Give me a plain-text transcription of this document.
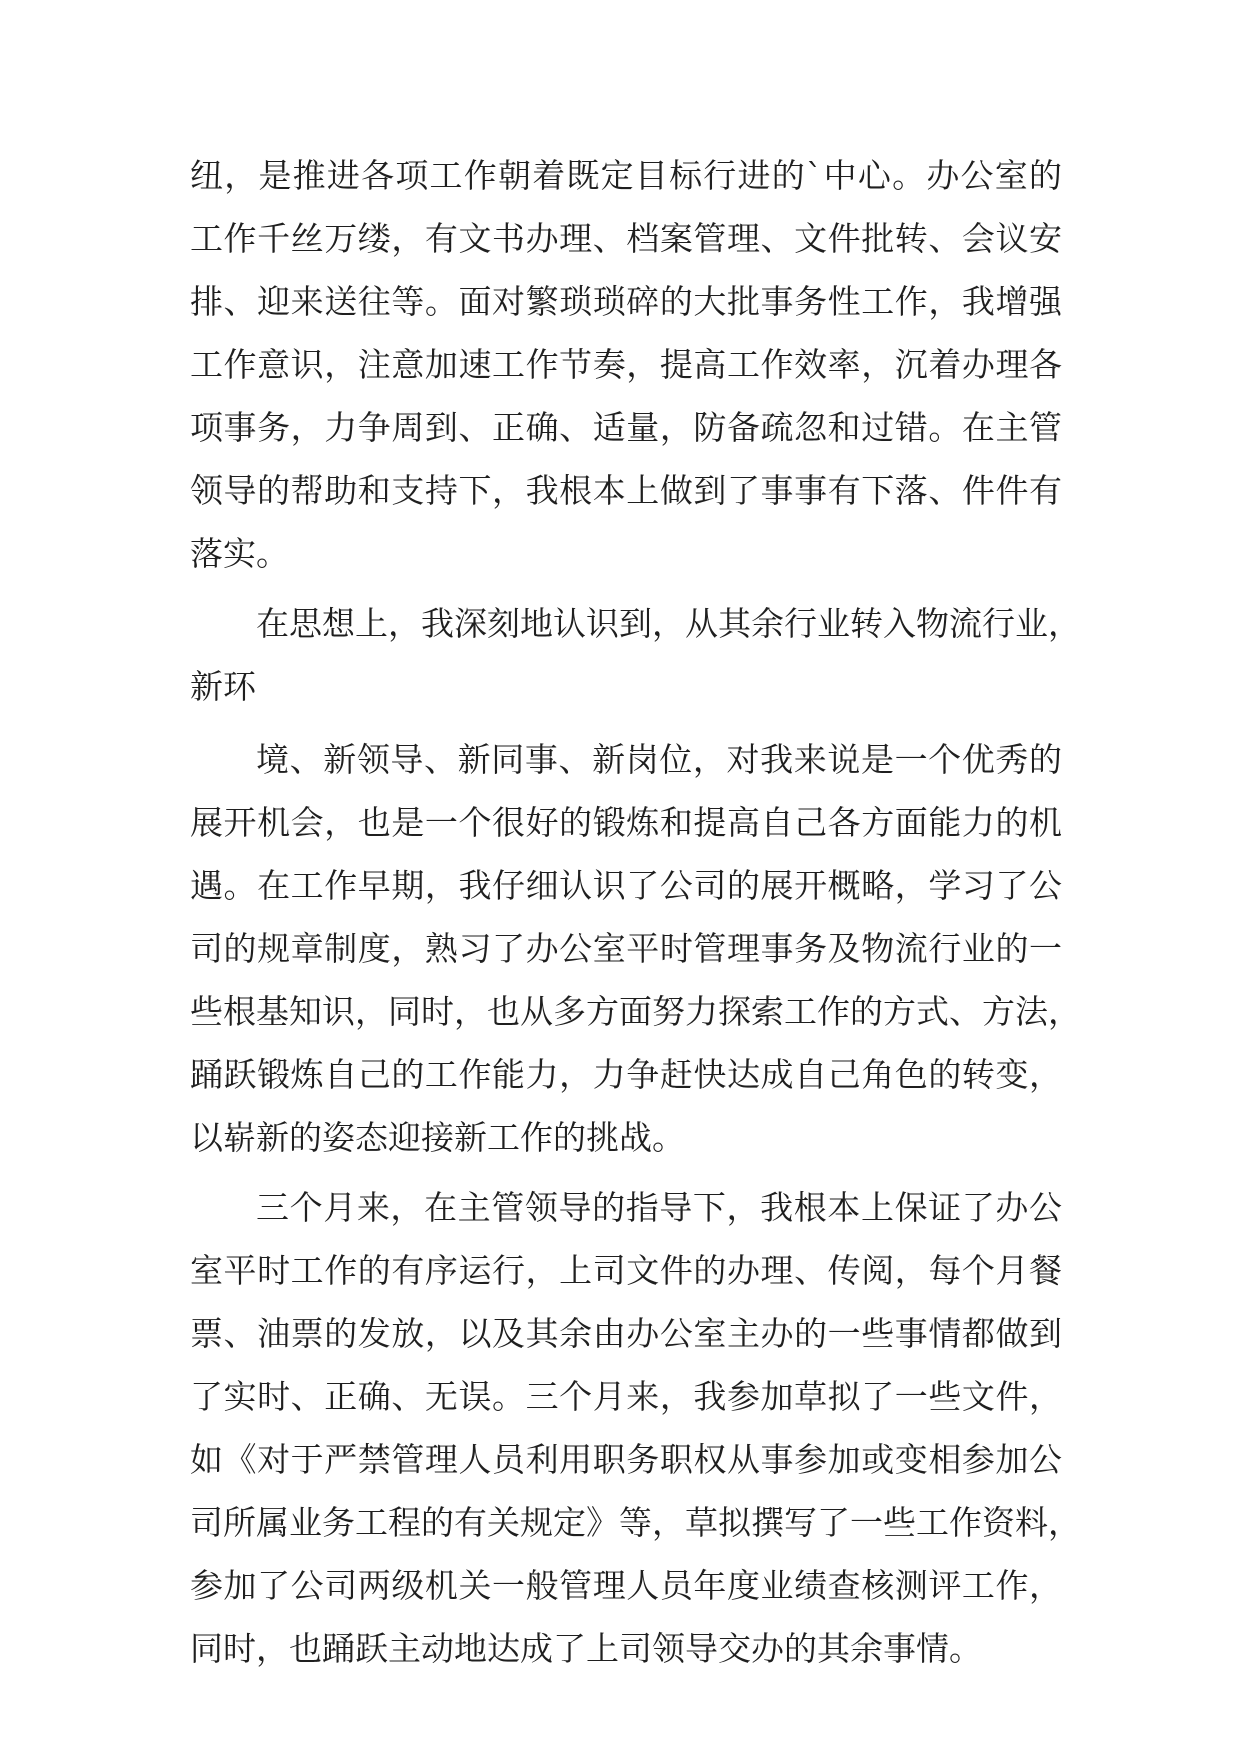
纽，是推进各项工作朝着既定目标行进的`中心。办公室的
工作千丝万缕，有文书办理、档案管理、文件批转、会议安
排、迎来送往等。面对繁琐琐碎的大批事务性工作，我增强
工作意识，注意加速工作节奏，提高工作效率，沉着办理各
项事务，力争周到、正确、适量，防备疏忽和过错。在主管
领导的帮助和支持下，我根本上做到了事事有下落、件件有
落实。
在思想上，我深刻地认识到，从其余行业转入物流行业，
新环
境、新领导、新同事、新岗位，对我来说是一个优秀的
展开机会，也是一个很好的锻炼和提高自己各方面能力的机
遇。在工作早期，我仔细认识了公司的展开概略，学习了公
司的规章制度，熟习了办公室平时管理事务及物流行业的一
些根基知识，同时，也从多方面努力探索工作的方式、方法，
踊跃锻炼自己的工作能力，力争赶快达成自己角色的转变，
以崭新的姿态迎接新工作的挑战。
三个月来，在主管领导的指导下，我根本上保证了办公
室平时工作的有序运行，上司文件的办理、传阅，每个月餐
票、油票的发放，以及其余由办公室主办的一些事情都做到
了实时、正确、无误。三个月来，我参加草拟了一些文件，
如《对于严禁管理人员利用职务职权从事参加或变相参加公
司所属业务工程的有关规定》等，草拟撰写了一些工作资料，
参加了公司两级机关一般管理人员年度业绩查核测评工作，
同时，也踊跃主动地达成了上司领导交办的其余事情。
